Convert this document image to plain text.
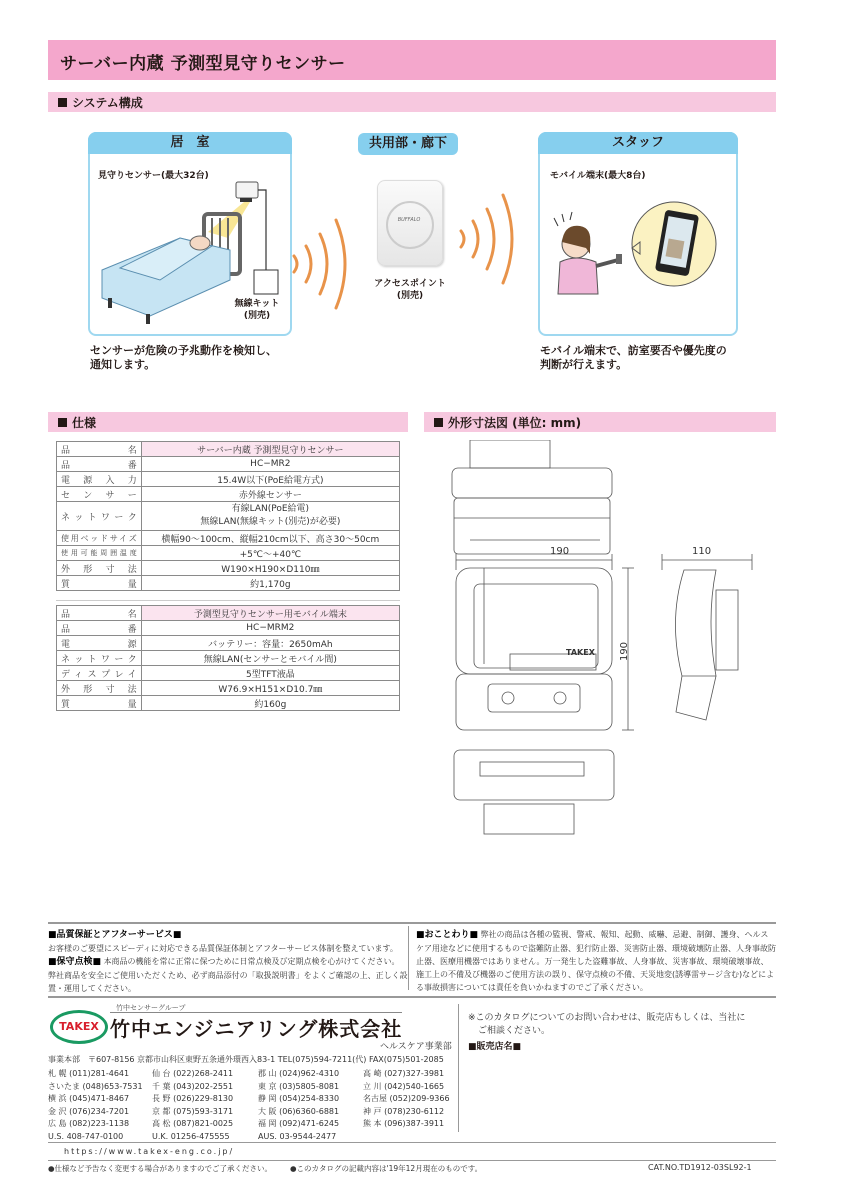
サーバー内蔵 予測型見守りセンサー
システム構成
居　室
見守りセンサー(最大32台)
無線キット
(別売)
センサーが危険の予兆動作を検知し、
通知します。
共用部・廊下
BUFFALO
アクセスポイント
(別売)
スタッフ
モバイル端末(最大8台)
モバイル端末で、訪室要否や優先度の
判断が行えます。
仕様
品名	サーバー内蔵 予測型見守りセンサー
品番	HC−MR2
電源入力	15.4W以下(PoE給電方式)
センサー	赤外線センサー
ネットワーク	有線LAN(PoE給電)
無線LAN(無線キット(別売)が必要)

使用ベッドサイズ	横幅90〜100cm、縦幅210cm以下、高さ30〜50cm
使用可能周囲温度	+5℃〜+40℃
外形寸法	W190×H190×D110㎜
質量	約1,170g
品名	予測型見守りセンサー用モバイル端末
品番	HC−MRM2
電源	バッテリー：容量：2650mAh
ネットワーク	無線LAN(センサーとモバイル間)
ディスプレイ	5型TFT液晶
外形寸法	W76.9×H151×D10.7㎜
質量	約160g
外形寸法図 (単位: mm)
190
190
110
TAKEX
■品質保証とアフターサービス■
お客様のご要望にスピーディに対応できる品質保証体制とアフターサービス体制を整えています。
■保守点検■ 本商品の機能を常に正常に保つために日常点検及び定期点検を心がけてください。
弊社商品を安全にご使用いただくため、必ず商品添付の「取扱説明書」をよくご確認の上、正しく設置・運用してください。
■おことわり■ 弊社の商品は各種の監視、警戒、報知、起動、威嚇、忌避、制御、護身、ヘルスケア用途などに使用するもので盗難防止器、犯行防止器、災害防止器、環境破壊防止器、人身事故防止器、医療用機器ではありません。万一発生した盗難事故、人身事故、災害事故、環境破壊事故、施工上の不備及び機器のご使用方法の誤り、保守点検の不備、天災地変(誘導雷サージ含む)などによる事故損害については責任を負いかねますのでご了承ください。
竹中センサーグループ
TAKEX 竹中エンジニアリング株式会社
ヘルスケア事業部
事業本部　〒607-8156 京都市山科区東野五条通外環西入83-1 TEL(075)594-7211(代) FAX(075)501-2085
札 幌 (011)281-4641	仙 台 (022)268-2411	郡 山 (024)962-4310	高 崎 (027)327-3981
さいたま (048)653-7531 千 葉 (043)202-2551	東 京 (03)5805-8081	立 川 (042)540-1665
横 浜 (045)471-8467	長 野 (026)229-8130	静 岡 (054)254-8330	名古屋 (052)209-9366
金 沢 (076)234-7201	京 都 (075)593-3171	大 阪 (06)6360-6881	神 戸 (078)230-6112
広 島 (082)223-1138	高 松 (087)821-0025	福 岡 (092)471-6245	熊 本 (096)387-3911
U.S. 408-747-0100	U.K. 01256-475555	AUS. 03-9544-2477
※このカタログについてのお問い合わせは、販売店もしくは、当社に
ご相談ください。
■販売店名■
https://www.takex-eng.co.jp/
●仕様など予告なく変更する場合がありますのでご了承ください。 ●このカタログの記載内容は'19年12月現在のものです。	CAT.NO.TD1912-03SL92-1
